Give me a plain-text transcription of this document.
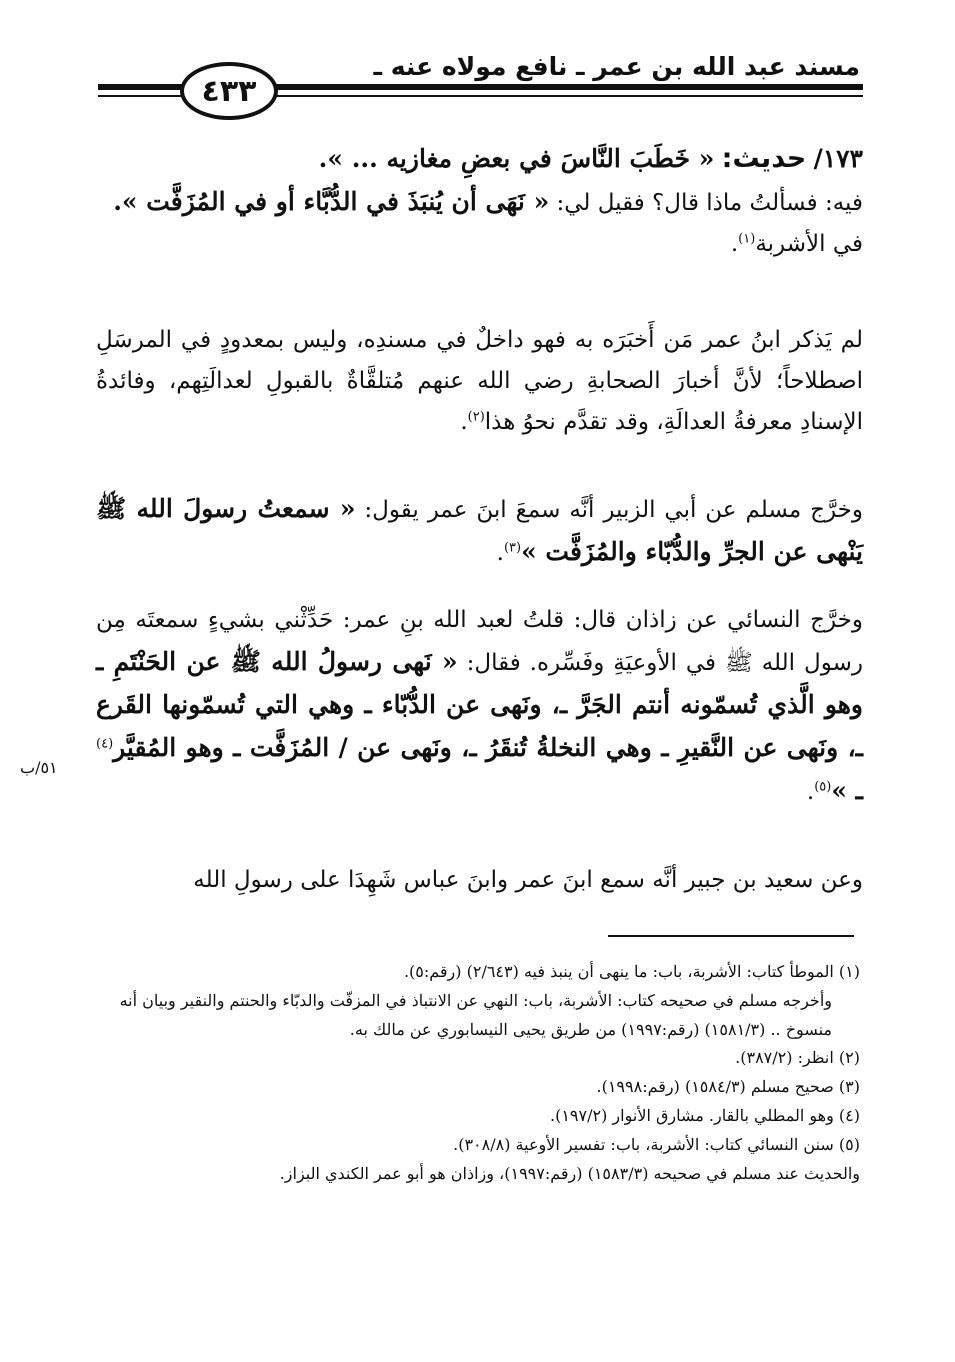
مسند عبد الله بن عمر ـ نافع مولاه عنه ـ
٤٣٣

١٧٣/ حديث: « خَطَبَ النَّاسَ في بعضِ مغازيه ... ».

فيه: فسألتُ ماذا قال؟ فقيل لي: « نَهَى أن يُنبَذَ في الدُّبَّاء أو في المُزَفَّت ».

في الأشربة$^{(١)}$.

لم يَذكر ابنُ عمر مَن أَخبَرَه به فهو داخلٌ في مسندِه، وليس بمعدودٍ في المرسَلِ اصطلاحاً؛ لأنَّ أخبارَ الصحابةِ رضي الله عنهم مُتلقَّاةٌ بالقبولِ لعدالَتِهم، وفائدةُ الإسنادِ معرفةُ العدالَةِ، وقد تقدَّم نحوُ هذا$^{(٢)}$.

وخرَّج مسلم عن أبي الزبير أنَّه سمعَ ابنَ عمر يقول: « سمعتُ رسولَ الله ﷺ يَنْهى عن الجرِّ والدُّبّاء والمُزَفَّت »$^{(٣)}$.

وخرَّج النسائي عن زاذان قال: قلتُ لعبد الله بنِ عمر: حَدِّثْني بشيءٍ سمعتَه مِن رسول الله ﷺ في الأوعيَةِ وفَسِّره. فقال: « نَهى رسولُ الله ﷺ عن الحَنْتَمِ ـ وهو الَّذي تُسمّونه أنتم الجَرَّ ـ، ونَهى عن الدُّبّاء ـ وهي التي تُسمّونها القَرع ـ، ونَهى عن النَّقيرِ ـ وهي النخلةُ تُنقَرُ ـ، ونَهى عن / المُزَفَّت ـ وهو المُقيَّر$^{(٤)}$ ـ »$^{(٥)}$.

٥١/ب

وعن سعيد بن جبير أنَّه سمع ابنَ عمر وابنَ عباس شَهِدَا على رسولِ الله

(١) الموطأ كتاب: الأشربة، باب: ما ينهى أن ينبذ فيه (٢/٦٤٣) (رقم:٥).

وأخرجه مسلم في صحيحه كتاب: الأشربة، باب: النهي عن الانتباذ في المزفّت والدبّاء والحنتم والنقير وبيان أنه منسوخ .. (١٥٨١/٣) (رقم:١٩٩٧) من طريق يحيى النيسابوري عن مالك به.

(٢) انظر: (٣٨٧/٢).

(٣) صحيح مسلم (١٥٨٤/٣) (رقم:١٩٩٨).

(٤) وهو المطلي بالقار. مشارق الأنوار (١٩٧/٢).

(٥) سنن النسائي كتاب: الأشربة، باب: تفسير الأوعية (٣٠٨/٨).

والحديث عند مسلم في صحيحه (١٥٨٣/٣) (رقم:١٩٩٧)، وزاذان هو أبو عمر الكندي البزاز.
